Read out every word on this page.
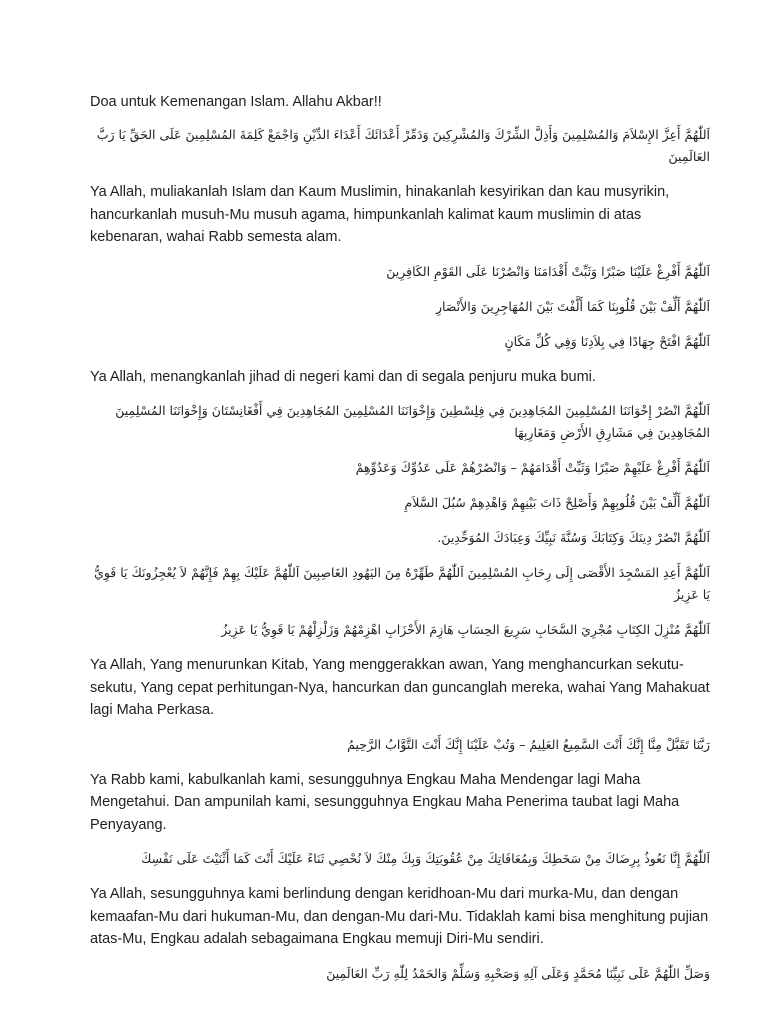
Doa untuk Kemenangan Islam. Allahu Akbar!!

اَللّٰهُمَّ أَعِزَّ الإِسْلاَمَ وَالمُسْلِمِينَ وَأَذِلَّ الشِّرْكَ وَالمُشْرِكِينَ وَدَمِّرْ أَعْدَائَكَ أَعْدَاءَ الدِّيْنِ وَاجْمَعْ كَلِمَةَ المُسْلِمِينَ عَلَى الحَقِّ يَا رَبَّ العَالَمِينَ

Ya Allah, muliakanlah Islam dan Kaum Muslimin, hinakanlah kesyirikan dan kau musyrikin, hancurkanlah musuh-Mu musuh agama, himpunkanlah kalimat kaum muslimin di atas kebenaran, wahai Rabb semesta alam.

اَللّٰهُمَّ أَفْرِغْ عَلَيْنَا صَبْرًا وَثَبِّتْ أَقْدَامَنَا وَانْصُرْنَا عَلَى القَوْمِ الكَافِرِينَ

اَللّٰهُمَّ أَلِّفْ بَيْنَ قُلُوبِنَا كَمَا أَلَّفْتَ بَيْنَ المُهَاجِرِينَ وَالأَنْصَارِ

اَللّٰهُمَّ افْتَحْ جِهَادًا فِي بِلاَدِنَا وَفِي كُلِّ مَكَانٍ

Ya Allah, menangkanlah jihad di negeri kami dan di segala penjuru muka bumi.

اَللّٰهُمَّ انْصُرْ إِخْوَانَنَا المُسْلِمِينَ المُجَاهِدِينَ فِي فِلِسْطِينَ وَإِخْوَانَنَا المُسْلِمِينَ المُجَاهِدِينَ فِي أَفْغَانِسْتَانَ وَإِخْوَانَنَا المُسْلِمِينَ المُجَاهِدِينَ فِي مَشَارِقِ الأَرْضِ وَمَغَارِبِهَا

اَللّٰهُمَّ أَفْرِغْ عَلَيْهِمْ صَبْرًا وَثَبِّتْ أَقْدَامَهُمْ – وَانْصُرْهُمْ عَلَى عَدُوِّكَ وَعَدُوِّهِمْ

اَللّٰهُمَّ أَلِّفْ بَيْنَ قُلُوبِهِمْ وَأَصْلِحْ ذَاتَ بَيْنِهِمْ وَاهْدِهِمْ سُبُلَ السَّلاَمِ

اَللّٰهُمَّ انْصُرْ دِينَكَ وَكِتَابَكَ وَسُنَّةَ نَبِيِّكَ وَعِبَادَكَ المُوَحِّدِينَ.

اَللّٰهُمَّ أَعِدِ المَسْجِدَ الأَقْصَى إِلَى رِحَابِ المُسْلِمِينَ اَللّٰهُمَّ طَهِّرْهُ مِنَ اليَهُودِ الغَاصِبِينَ اَللّٰهُمَّ عَلَيْكَ بِهِمْ فَإِنَّهُمْ لاَ يُعْجِزُونَكَ يَا قَوِيُّ يَا عَزِيزُ

اَللّٰهُمَّ مُنْزِلَ الكِتَابِ مُجْرِيَ السَّحَابِ سَرِيعَ الحِسَابِ هَازِمَ الأَحْزَابِ اهْزِمْهُمْ وَزَلْزِلْهُمْ يَا قَوِيُّ يَا عَزِيزُ

Ya Allah, Yang menurunkan Kitab, Yang menggerakkan awan, Yang menghancurkan sekutu-sekutu, Yang cepat perhitungan-Nya, hancurkan dan guncanglah mereka, wahai Yang Mahakuat lagi Maha Perkasa.

رَبَّنَا تَقَبَّلْ مِنَّا إِنَّكَ أَنْتَ السَّمِيعُ العَلِيمُ – وَتُبْ عَلَيْنَا إِنَّكَ أَنْتَ التَّوَّابُ الرَّحِيمُ

Ya Rabb kami, kabulkanlah kami, sesungguhnya Engkau Maha Mendengar lagi Maha Mengetahui. Dan ampunilah kami, sesungguhnya Engkau Maha Penerima taubat lagi Maha Penyayang.

اَللّٰهُمَّ إِنَّا نَعُوذُ بِرِضَاكَ مِنْ سَخَطِكَ وَبِمُعَافَاتِكَ مِنْ عُقُوبَتِكَ وَبِكَ مِنْكَ لاَ نُحْصِي ثَنَاءً عَلَيْكَ أَنْتَ كَمَا أَثْنَيْتَ عَلَى نَفْسِكَ

Ya Allah, sesungguhnya kami berlindung dengan keridhoan-Mu dari murka-Mu, dan dengan kemaafan-Mu dari hukuman-Mu, dan dengan-Mu dari-Mu. Tidaklah kami bisa menghitung pujian atas-Mu, Engkau adalah sebagaimana Engkau memuji Diri-Mu sendiri.

وَصَلِّ اللّٰهُمَّ عَلَى نَبِيِّنَا مُحَمَّدٍ وَعَلَى آلِهِ وَصَحْبِهِ وَسَلِّمْ وَالحَمْدُ لِلّٰهِ رَبِّ العَالَمِينَ
